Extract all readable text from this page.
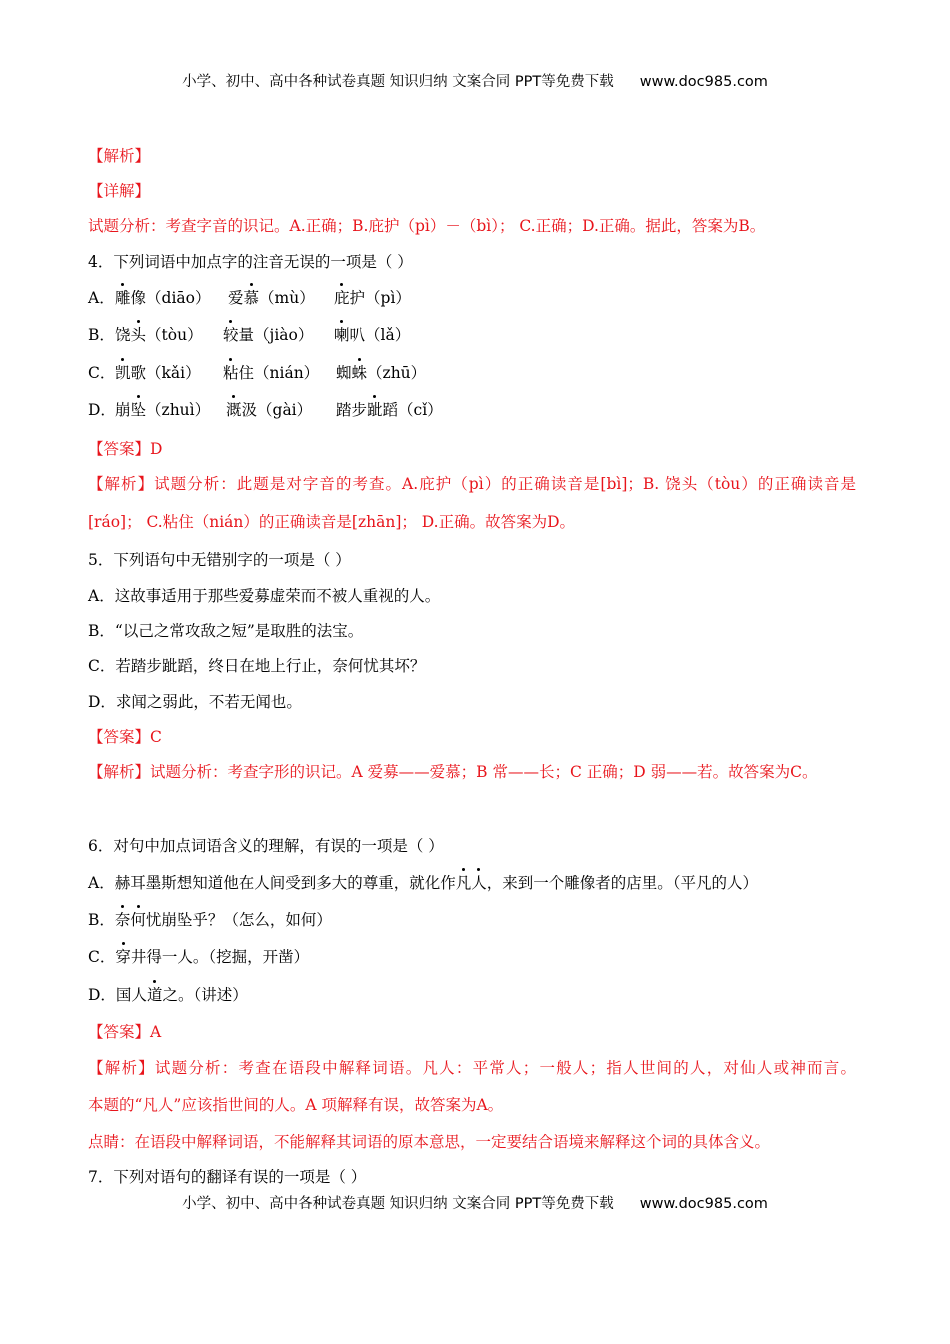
小学、初中、高中各种试卷真题 知识归纳 文案合同 PPT等免费下载 www.doc985.com
【解析】
【详解】
试题分析：考查字音的识记。A.正确；B.庇护（pì）－（bì）； C.正确；D.正确。据此，答案为B。
4．下列词语中加点字的注音无误的一项是（ ）
A． 雕像（diāo） 爱慕（mù） 庇护（pì）
B． 饶头（tòu） 较量（jiào） 喇叭（lǎ）
C． 凯歌（kǎi） 粘住（nián） 蜘蛛（zhū）
D． 崩坠（zhuì） 溉汲（gài） 踏步跐蹈（cǐ）
【答案】D
【解析】试题分析：此题是对字音的考查。A.庇护（pì）的正确读音是[bì]；B. 饶头（tòu）的正确读音是
[ráo]； C.粘住（nián）的正确读音是[zhān]； D.正确。故答案为D。
5．下列语句中无错别字的一项是（ ）
A．这故事适用于那些爱募虚荣而不被人重视的人。
B．“以己之常攻敌之短”是取胜的法宝。
C．若踏步跐蹈，终日在地上行止，奈何忧其坏？
D．求闻之弱此，不若无闻也。
【答案】C
【解析】试题分析：考查字形的识记。A 爱募——爱慕；B 常——长；C 正确；D 弱——若。故答案为C。
6．对句中加点词语含义的理解，有误的一项是（ ）
A．赫耳墨斯想知道他在人间受到多大的尊重，就化作凡人，来到一个雕像者的店里。（平凡的人）
B．奈何忧崩坠乎？（怎么，如何）
C．穿井得一人。（挖掘，开凿）
D．国人道之。（讲述）
【答案】A
【解析】试题分析：考查在语段中解释词语。凡人：平常人；一般人；指人世间的人，对仙人或神而言。
本题的“凡人”应该指世间的人。A 项解释有误，故答案为A。
点睛：在语段中解释词语，不能解释其词语的原本意思，一定要结合语境来解释这个词的具体含义。
7．下列对语句的翻译有误的一项是（ ）
小学、初中、高中各种试卷真题 知识归纳 文案合同 PPT等免费下载 www.doc985.com
